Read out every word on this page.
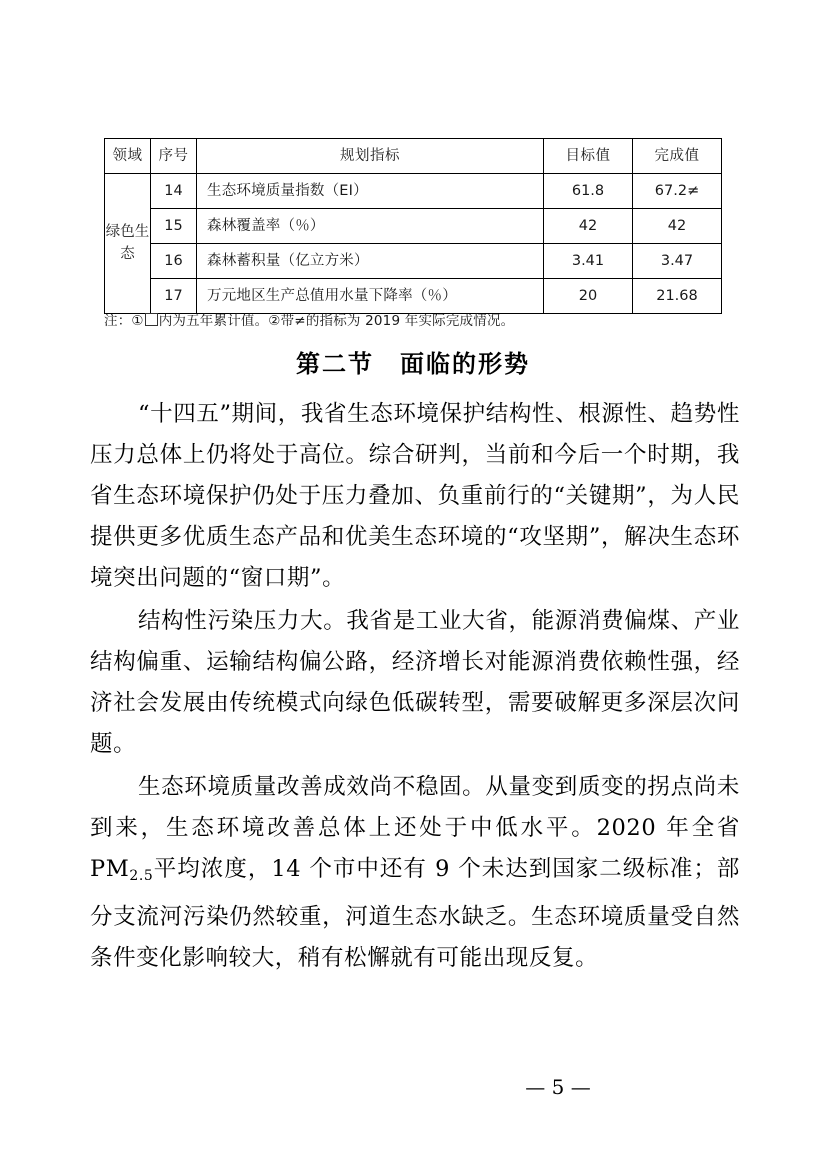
领域	序号	规划指标	目标值	完成值
绿色生态	14	生态环境质量指数（EI）	61.8	67.2≠
	15	森林覆盖率（％）	42	42
	16	森林蓄积量（亿立方米）	3.41	3.47
	17	万元地区生产总值用水量下降率（％）	20	21.68
注：① 内为五年累计值。②带≠的指标为 2019 年实际完成情况。
第二节 面临的形势

“十四五”期间，我省生态环境保护结构性、根源性、趋势性压力总体上仍将处于高位。综合研判，当前和今后一个时期，我省生态环境保护仍处于压力叠加、负重前行的“关键期”，为人民提供更多优质生态产品和优美生态环境的“攻坚期”，解决生态环境突出问题的“窗口期”。

结构性污染压力大。我省是工业大省，能源消费偏煤、产业结构偏重、运输结构偏公路，经济增长对能源消费依赖性强，经济社会发展由传统模式向绿色低碳转型，需要破解更多深层次问题。

生态环境质量改善成效尚不稳固。从量变到质变的拐点尚未到来，生态环境改善总体上还处于中低水平。2020 年全省 $PM_{2.5}$平均浓度，14 个市中还有 9 个未达到国家二级标准；部分支流河污染仍然较重，河道生态水缺乏。生态环境质量受自然条件变化影响较大，稍有松懈就有可能出现反复。

— 5 —
